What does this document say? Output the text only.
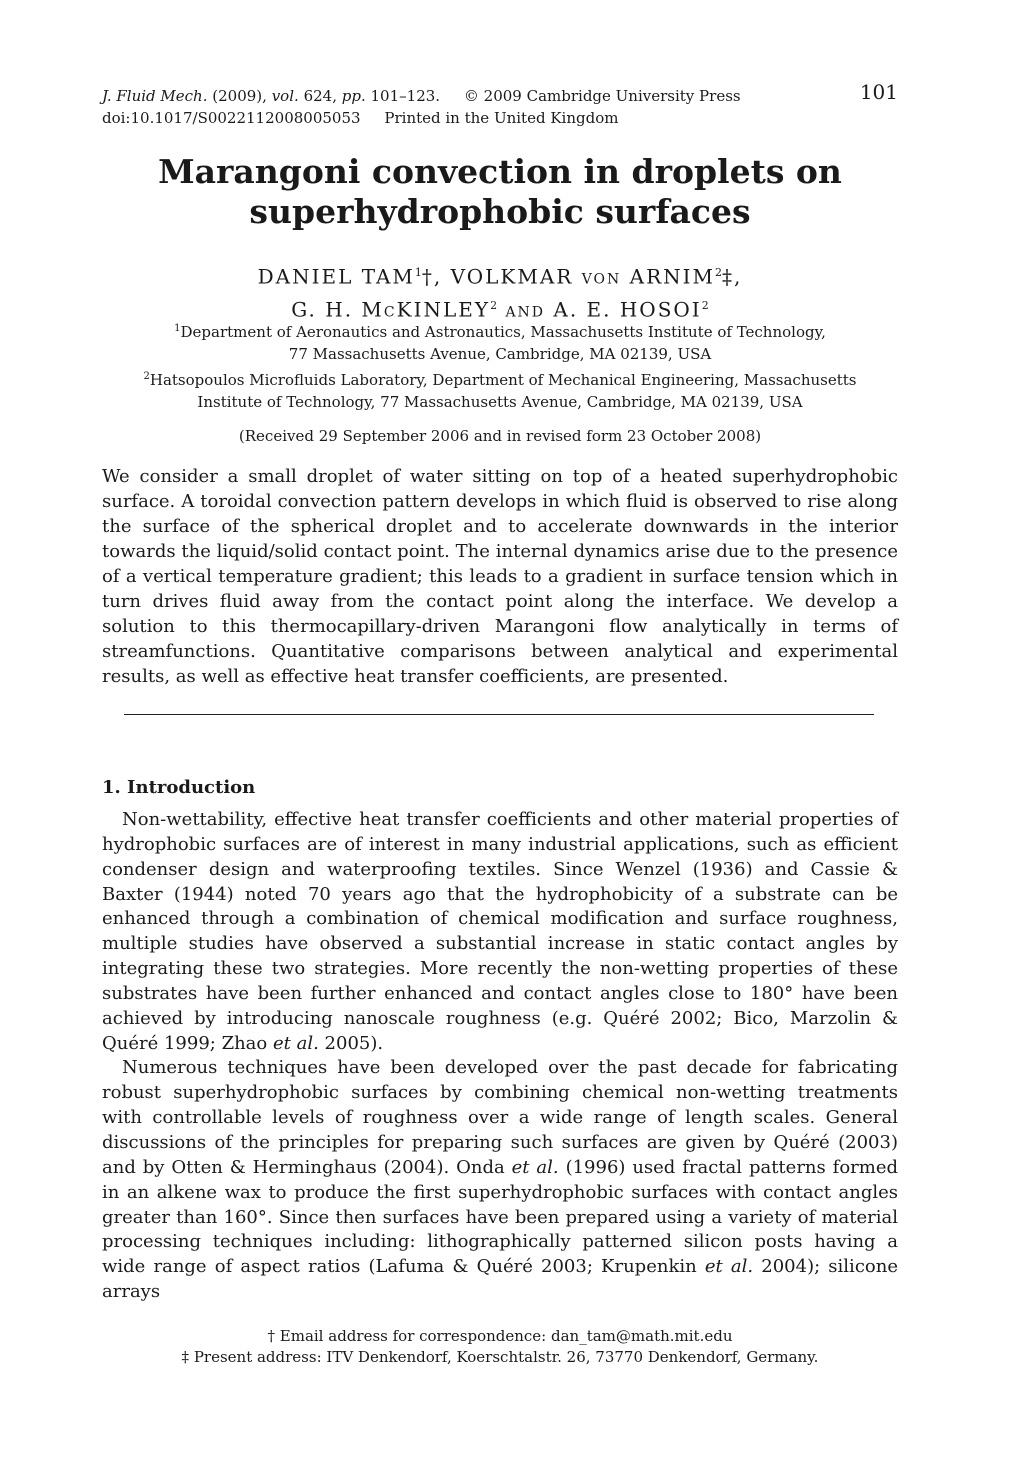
J. Fluid Mech. (2009), vol. 624, pp. 101–123. © 2009 Cambridge University Press
doi:10.1017/S0022112008005053 Printed in the United Kingdom
101
Marangoni convection in droplets on
superhydrophobic surfaces
DANIEL TAM$^1$†, VOLKMAR VON ARNIM$^2$‡,
G. H. MCKINLEY$^2$ AND A. E. HOSOI$^2$
$^1$Department of Aeronautics and Astronautics, Massachusetts Institute of Technology,
77 Massachusetts Avenue, Cambridge, MA 02139, USA
$^2$Hatsopoulos Microfluids Laboratory, Department of Mechanical Engineering, Massachusetts
Institute of Technology, 77 Massachusetts Avenue, Cambridge, MA 02139, USA
(Received 29 September 2006 and in revised form 23 October 2008)
We consider a small droplet of water sitting on top of a heated superhydrophobic surface. A toroidal convection pattern develops in which fluid is observed to rise along the surface of the spherical droplet and to accelerate downwards in the interior towards the liquid/solid contact point. The internal dynamics arise due to the presence of a vertical temperature gradient; this leads to a gradient in surface tension which in turn drives fluid away from the contact point along the interface. We develop a solution to this thermocapillary-driven Marangoni flow analytically in terms of streamfunctions. Quantitative comparisons between analytical and experimental results, as well as effective heat transfer coefficients, are presented.
1. Introduction

Non-wettability, effective heat transfer coefficients and other material properties of hydrophobic surfaces are of interest in many industrial applications, such as efficient condenser design and waterproofing textiles. Since Wenzel (1936) and Cassie & Baxter (1944) noted 70 years ago that the hydrophobicity of a substrate can be enhanced through a combination of chemical modification and surface roughness, multiple studies have observed a substantial increase in static contact angles by integrating these two strategies. More recently the non-wetting properties of these substrates have been further enhanced and contact angles close to 180° have been achieved by introducing nanoscale roughness (e.g. Quéré 2002; Bico, Marzolin & Quéré 1999; Zhao et al. 2005).

Numerous techniques have been developed over the past decade for fabricating robust superhydrophobic surfaces by combining chemical non-wetting treatments with controllable levels of roughness over a wide range of length scales. General discussions of the principles for preparing such surfaces are given by Quéré (2003) and by Otten & Herminghaus (2004). Onda et al. (1996) used fractal patterns formed in an alkene wax to produce the first superhydrophobic surfaces with contact angles greater than 160°. Since then surfaces have been prepared using a variety of material processing techniques including: lithographically patterned silicon posts having a wide range of aspect ratios (Lafuma & Quéré 2003; Krupenkin et al. 2004); silicone arrays

† Email address for correspondence: dan_tam@math.mit.edu
‡ Present address: ITV Denkendorf, Koerschtalstr. 26, 73770 Denkendorf, Germany.
